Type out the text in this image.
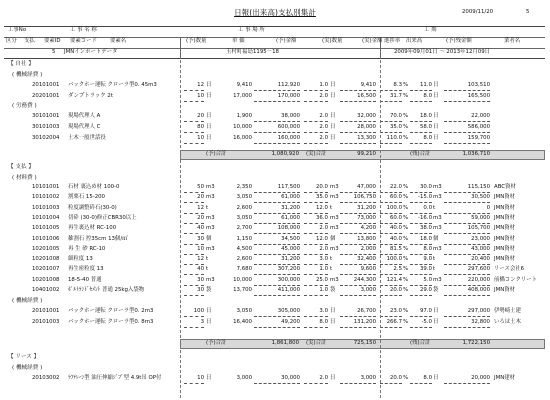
日報(出来高)支払別集計	2009/11/20	5
工事No	工 事 名 称	工 事 場 所	工 期
区分 支払 要素ID 要素コード 要素名	(予)数量	単 価	(予)金額	(実)数量	(実)金額 進捗率 出来高	(予)残金額	業者名
5 JMNインポートデータ	玉村町福島1195－18	2009年09月01日 ～ 2013年12月09日
【 自社 】
( 機械経費 )
20101001	バックホー運転 クローラ型0. 45m3	12 日	9,410	112,920	1.0 日	9,410	8.3 %	11.0 日	103,510
20201001	ダンプトラック 2t	10 日	17,000	170,000	2.0 日	16,500	31.7 %	8.0 日	165,500
( 労務費 )
30101001	現場代理人 A	20 日	1,900	38,000	2.0 日	32,000	70.0 %	18.0 日	22,000
30101003	現場代理人 C	80 日	10,000	600,000	2.0 日	28,000	35.0 %	58.0 日	586,000
30102004	土木一般世話役	10 日	16,000	160,000	2.0 日	13,300	110.0 %	8.0 日	159,700
(予)合計	1,080,920 (実)合計	99,210	(残)合計	1,036,710
【 支払 】
( 材料費 )
10101001	石材 裏込め材 100-0	50 m3	2,350	117,500	20.0 m3	47,000	22.0 %	30.0 m3	115,150 ABC資材
10101002	割栗石 15-200	20 m3	3,050	61,000	35.0 m3	106,750	60.0 %	-15.0 m3	30,500 JMN資材
10101003	粒度調整砕石(30-0)	12 t	2,600	31,200	12.0 t	31,200	100.0 %	0.0 t	0 JMN資材
10101004	切砕 (30-0)修正CBR30以上	20 m3	3,050	61,000	36.0 m3	73,000	60.0 %	-16.0 m3	59,000 JMN資材
10101005	再生裏込材 RC-100	40 m3	2,700	108,000	2.0 m3	4,200	40.0 %	38.0 m3	105,700 JMN資材
10101006	雑割石 控35cm 13個/㎡	30 個	1,150	34,500	12.0 個	13,800	40.0 %	18.0 個	23,000 JMN資材
10201005	再 生 砂 RC-10	10 m3	4,500	45,000	2.0 m3	2,000	81.5 %	8.0 m3	43,000 JMN資材
10201008	細粒度 13	12 t	2,600	31,200	3.0 t	32,400	100.0 %	9.0 t	20,400 JMN資材
10201007	再生密粒度 13	40 t	7,680	307,200	1.0 t	9,600	2.5 %	39.0 t	297,600 リース会社6
10201008	18-5-40 普通	30 m3	10,000	300,000	25.0 m3	244,300	121.4 %	5.0 m3	220,000 前橋コンクリート
10401002	ﾎﾟﾙﾄﾗﾝﾄﾞｾﾒﾝﾄ 普通 25kg入袋物	30 袋	13,700	411,000	1.0 袋	3,000	20.0 %	29.0 袋	408,000 JMN資材
( 機械経費 )
20101001	バックホー運転 クローラ型0. 2m3	100 日	3,050	305,000	3.0 日	26,700	23.0 %	97.0 日	297,000 伊勢崎土建
20101003	バックホー運転 クローラ型0. 8m3	3 日	16,400	49,200	8.0 日	131,200	266.7 %	-5.0 日	32,800 いろは土木
(予)合計	1,861,800 (実)合計	725,150	(残)合計	1,722,150
【 リース 】
( 機械経費 )
20103002	ﾗﾌﾃﾚｰﾝ型 油圧伸縮ｼﾞﾌﾞ型 4.9t吊 OP付	10 日	3,000	30,000	2.0 日	3,000	20.0 %	8.0 日	20,000 JMN建材
